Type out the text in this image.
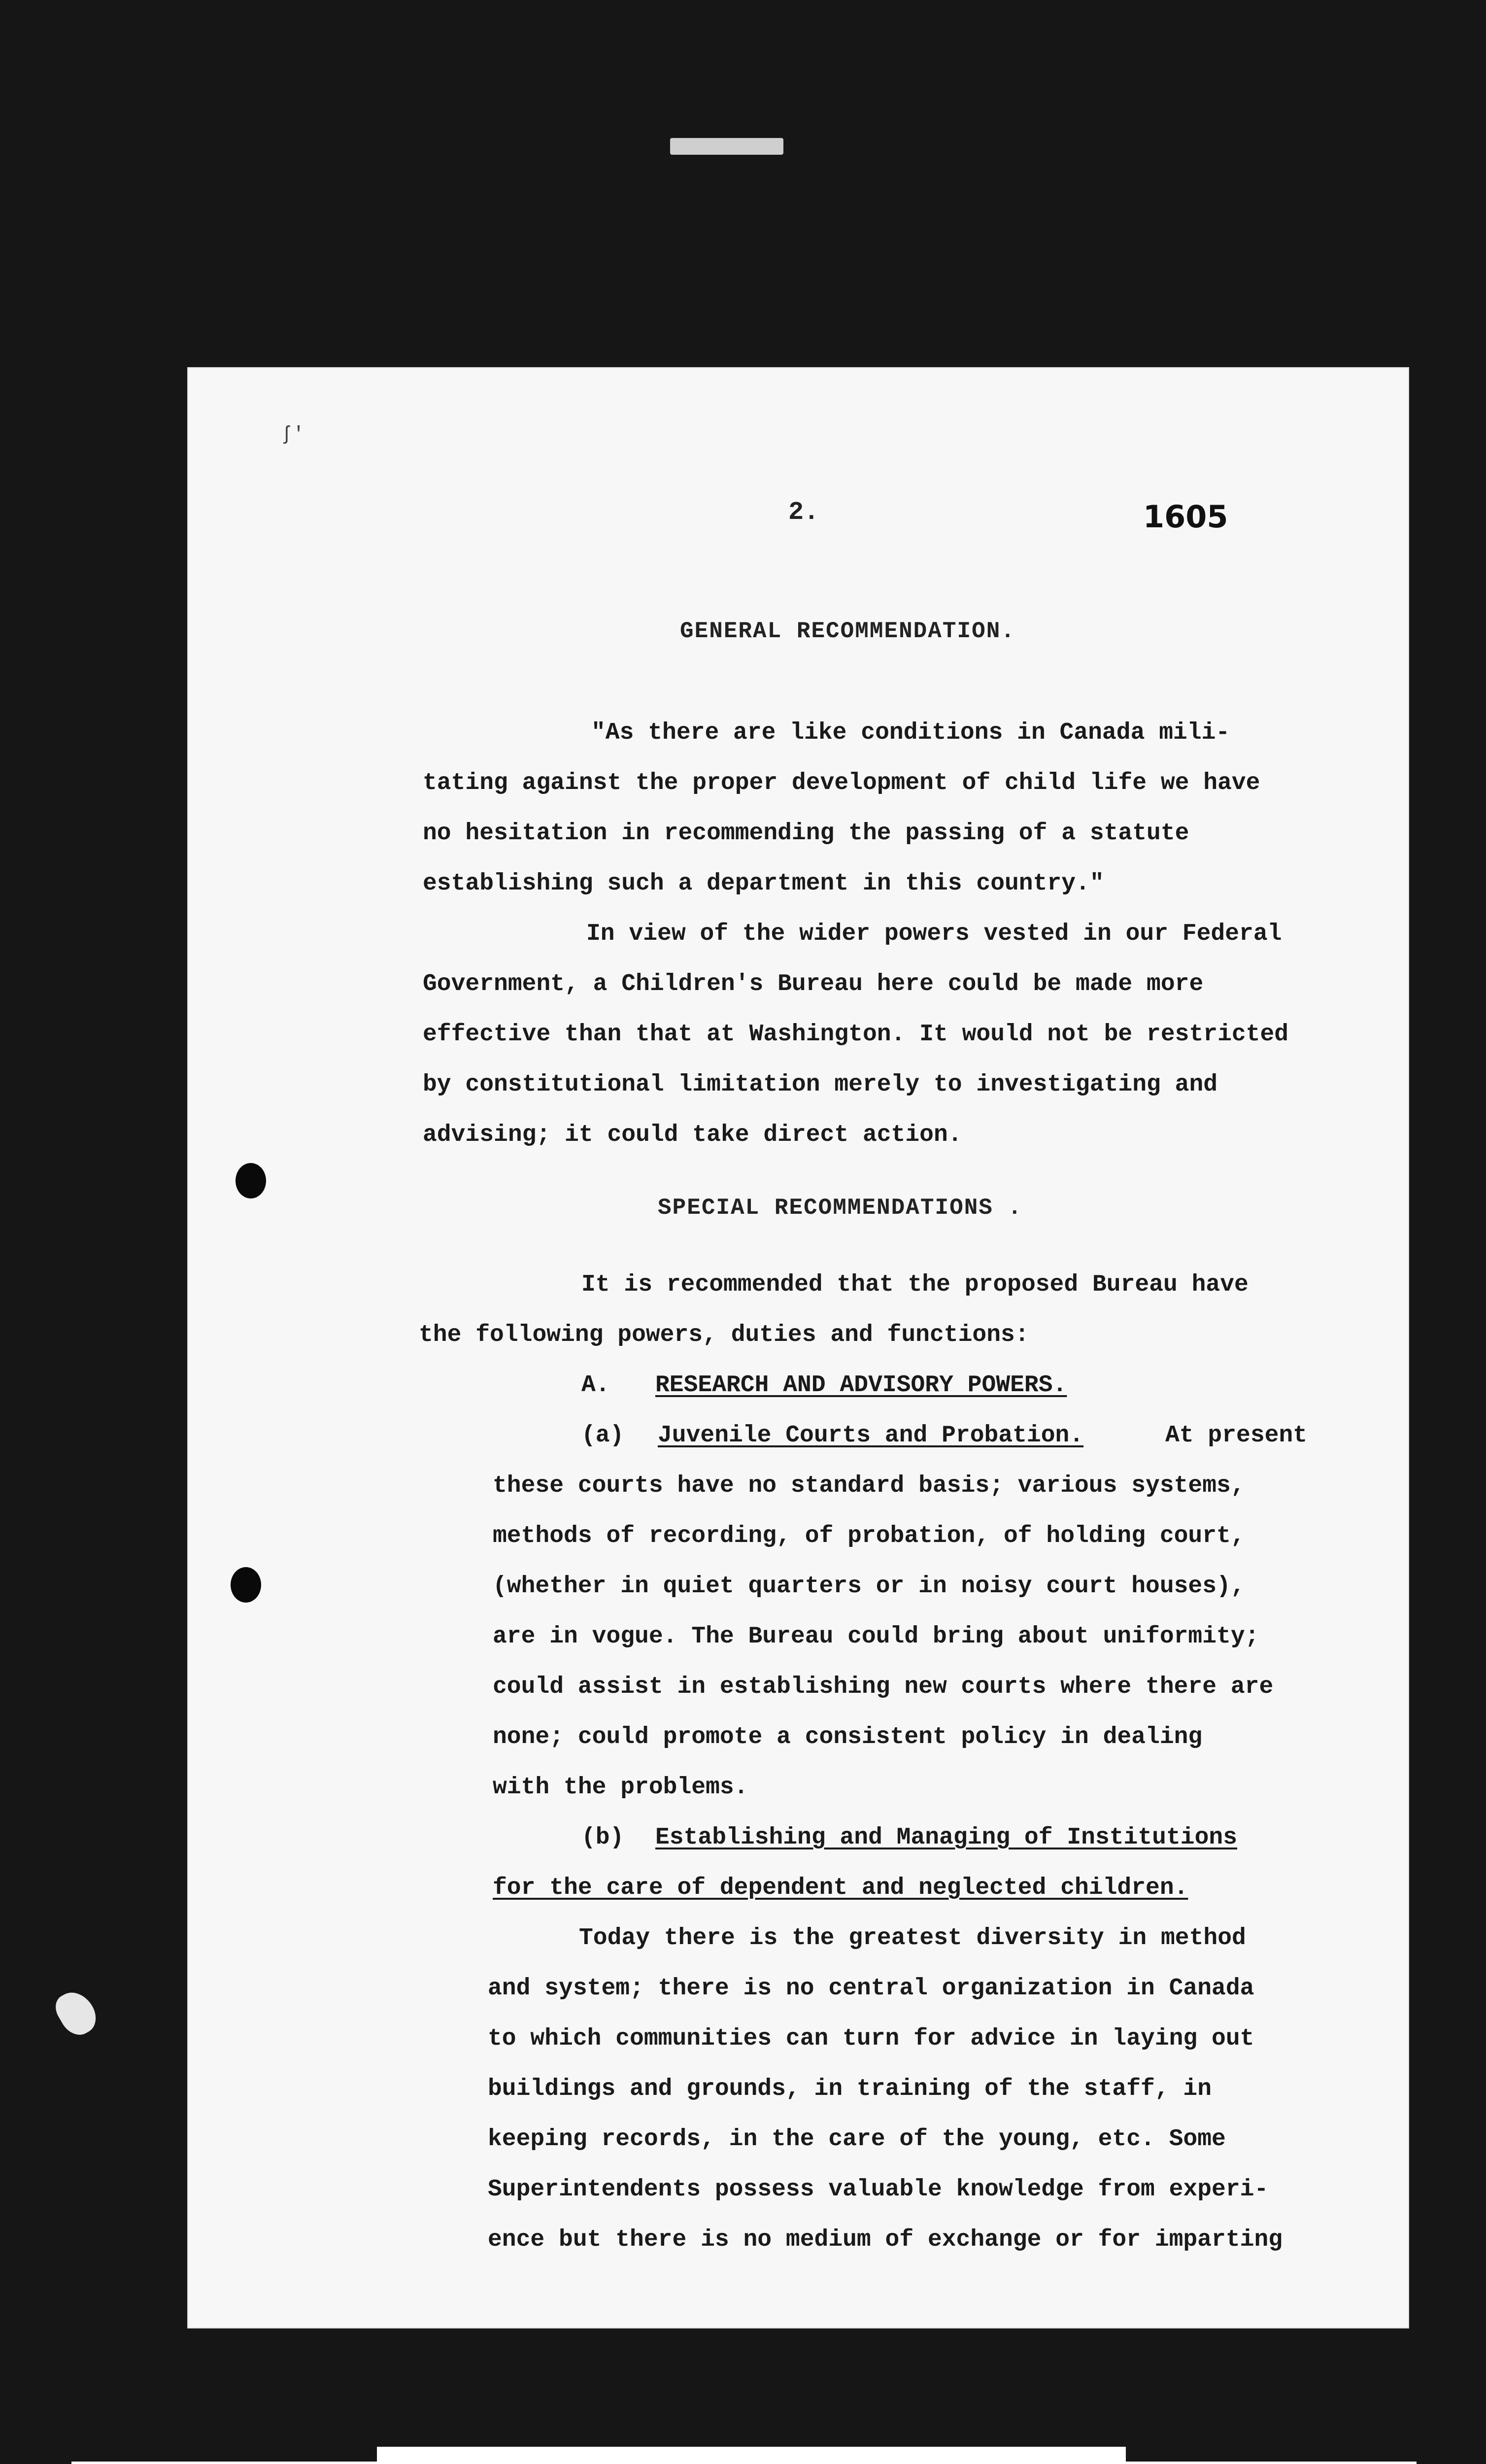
ʃ'
2.	1605
GENERAL RECOMMENDATION.
"As there are like conditions in Canada mili-
tating against the proper development of child life we have
no hesitation in recommending the passing of a statute
establishing such a department in this country."
In view of the wider powers vested in our Federal
Government, a Children's Bureau here could be made more
effective than that at Washington. It would not be restricted
by constitutional limitation merely to investigating and
advising; it could take direct action.
SPECIAL RECOMMENDATIONS .
It is recommended that the proposed Bureau have
the following powers, duties and functions:
A. RESEARCH AND ADVISORY POWERS.
(a) Juvenile Courts and Probation.	At present
these courts have no standard basis; various systems,
methods of recording, of probation, of holding court,
(whether in quiet quarters or in noisy court houses),
are in vogue. The Bureau could bring about uniformity;
could assist in establishing new courts where there are
none; could promote a consistent policy in dealing
with the problems.
(b) Establishing and Managing of Institutions
for the care of dependent and neglected children.
Today there is the greatest diversity in method
and system; there is no central organization in Canada
to which communities can turn for advice in laying out
buildings and grounds, in training of the staff, in
keeping records, in the care of the young, etc. Some
Superintendents possess valuable knowledge from experi-
ence but there is no medium of exchange or for imparting
